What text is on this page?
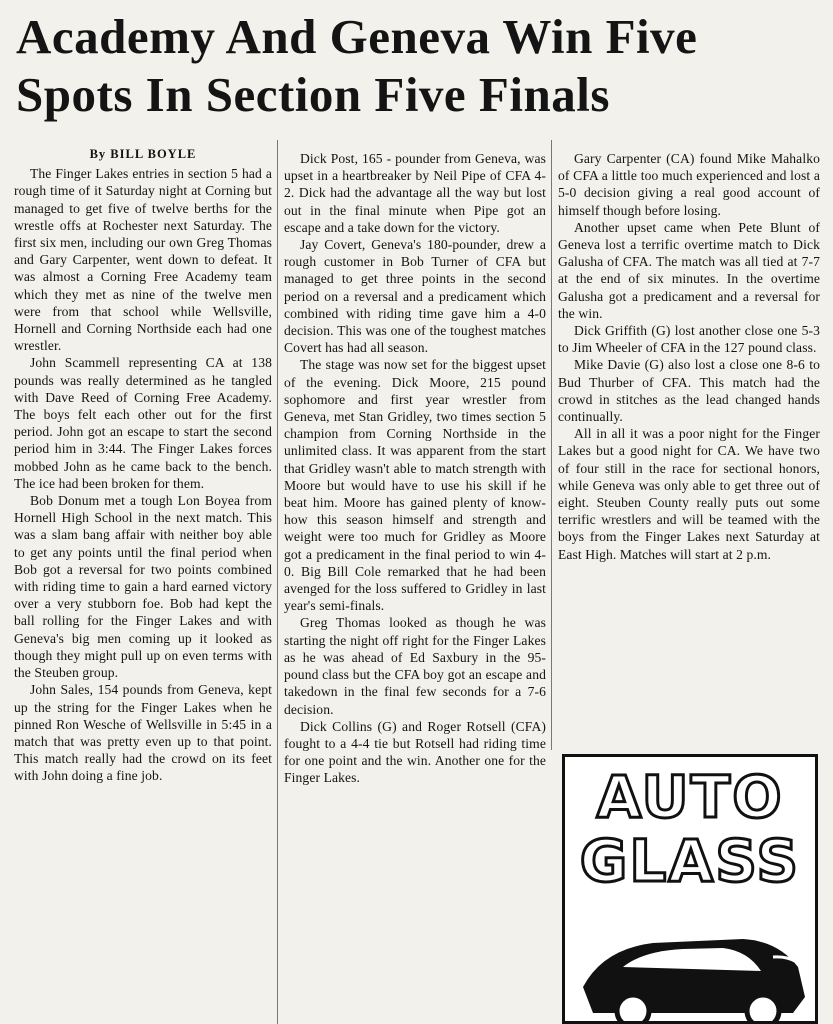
Academy And Geneva Win Five
Spots In Section Five Finals

By BILL BOYLE

The Finger Lakes entries in section 5 had a rough time of it Saturday night at Corning but managed to get five of twelve berths for the wrestle offs at Rochester next Saturday. The first six men, including our own Greg Thomas and Gary Carpenter, went down to defeat. It was almost a Corning Free Academy team which they met as nine of the twelve men were from that school while Wellsville, Hornell and Corning Northside each had one wrestler.

John Scammell representing CA at 138 pounds was really determined as he tangled with Dave Reed of Corning Free Academy. The boys felt each other out for the first period. John got an escape to start the second period him in 3:44. The Finger Lakes forces mobbed John as he came back to the bench. The ice had been broken for them.

Bob Donum met a tough Lon Boyea from Hornell High School in the next match. This was a slam bang affair with neither boy able to get any points until the final period when Bob got a reversal for two points combined with riding time to gain a hard earned victory over a very stubborn foe. Bob had kept the ball rolling for the Finger Lakes and with Geneva's big men coming up it looked as though they might pull up on even terms with the Steuben group.

John Sales, 154 pounds from Geneva, kept up the string for the Finger Lakes when he pinned Ron Wesche of Wellsville in 5:45 in a match that was pretty even up to that point. This match really had the crowd on its feet with John doing a fine job.

Dick Post, 165 - pounder from Geneva, was upset in a heartbreaker by Neil Pipe of CFA 4-2. Dick had the advantage all the way but lost out in the final minute when Pipe got an escape and a take down for the victory.

Jay Covert, Geneva's 180-pounder, drew a rough customer in Bob Turner of CFA but managed to get three points in the second period on a reversal and a predicament which combined with riding time gave him a 4-0 decision. This was one of the toughest matches Covert has had all season.

The stage was now set for the biggest upset of the evening. Dick Moore, 215 pound sophomore and first year wrestler from Geneva, met Stan Gridley, two times section 5 champion from Corning Northside in the unlimited class. It was apparent from the start that Gridley wasn't able to match strength with Moore but would have to use his skill if he beat him. Moore has gained plenty of know-how this season himself and strength and weight were too much for Gridley as Moore got a predicament in the final period to win 4-0. Big Bill Cole remarked that he had been avenged for the loss suffered to Gridley in last year's semi-finals.

Greg Thomas looked as though he was starting the night off right for the Finger Lakes as he was ahead of Ed Saxbury in the 95-pound class but the CFA boy got an escape and takedown in the final few seconds for a 7-6 decision.

Dick Collins (G) and Roger Rotsell (CFA) fought to a 4-4 tie but Rotsell had riding time for one point and the win. Another one for the Finger Lakes.

Gary Carpenter (CA) found Mike Mahalko of CFA a little too much experienced and lost a 5-0 decision giving a real good account of himself though before losing.

Another upset came when Pete Blunt of Geneva lost a terrific overtime match to Dick Galusha of CFA. The match was all tied at 7-7 at the end of six minutes. In the overtime Galusha got a predicament and a reversal for the win.

Dick Griffith (G) lost another close one 5-3 to Jim Wheeler of CFA in the 127 pound class.

Mike Davie (G) also lost a close one 8-6 to Bud Thurber of CFA. This match had the crowd in stitches as the lead changed hands continually.

All in all it was a poor night for the Finger Lakes but a good night for CA. We have two of four still in the race for sectional honors, while Geneva was only able to get three out of eight. Steuben County really puts out some terrific wrestlers and will be teamed with the boys from the Finger Lakes next Saturday at East High. Matches will start at 2 p.m.

AUTO
GLASS
